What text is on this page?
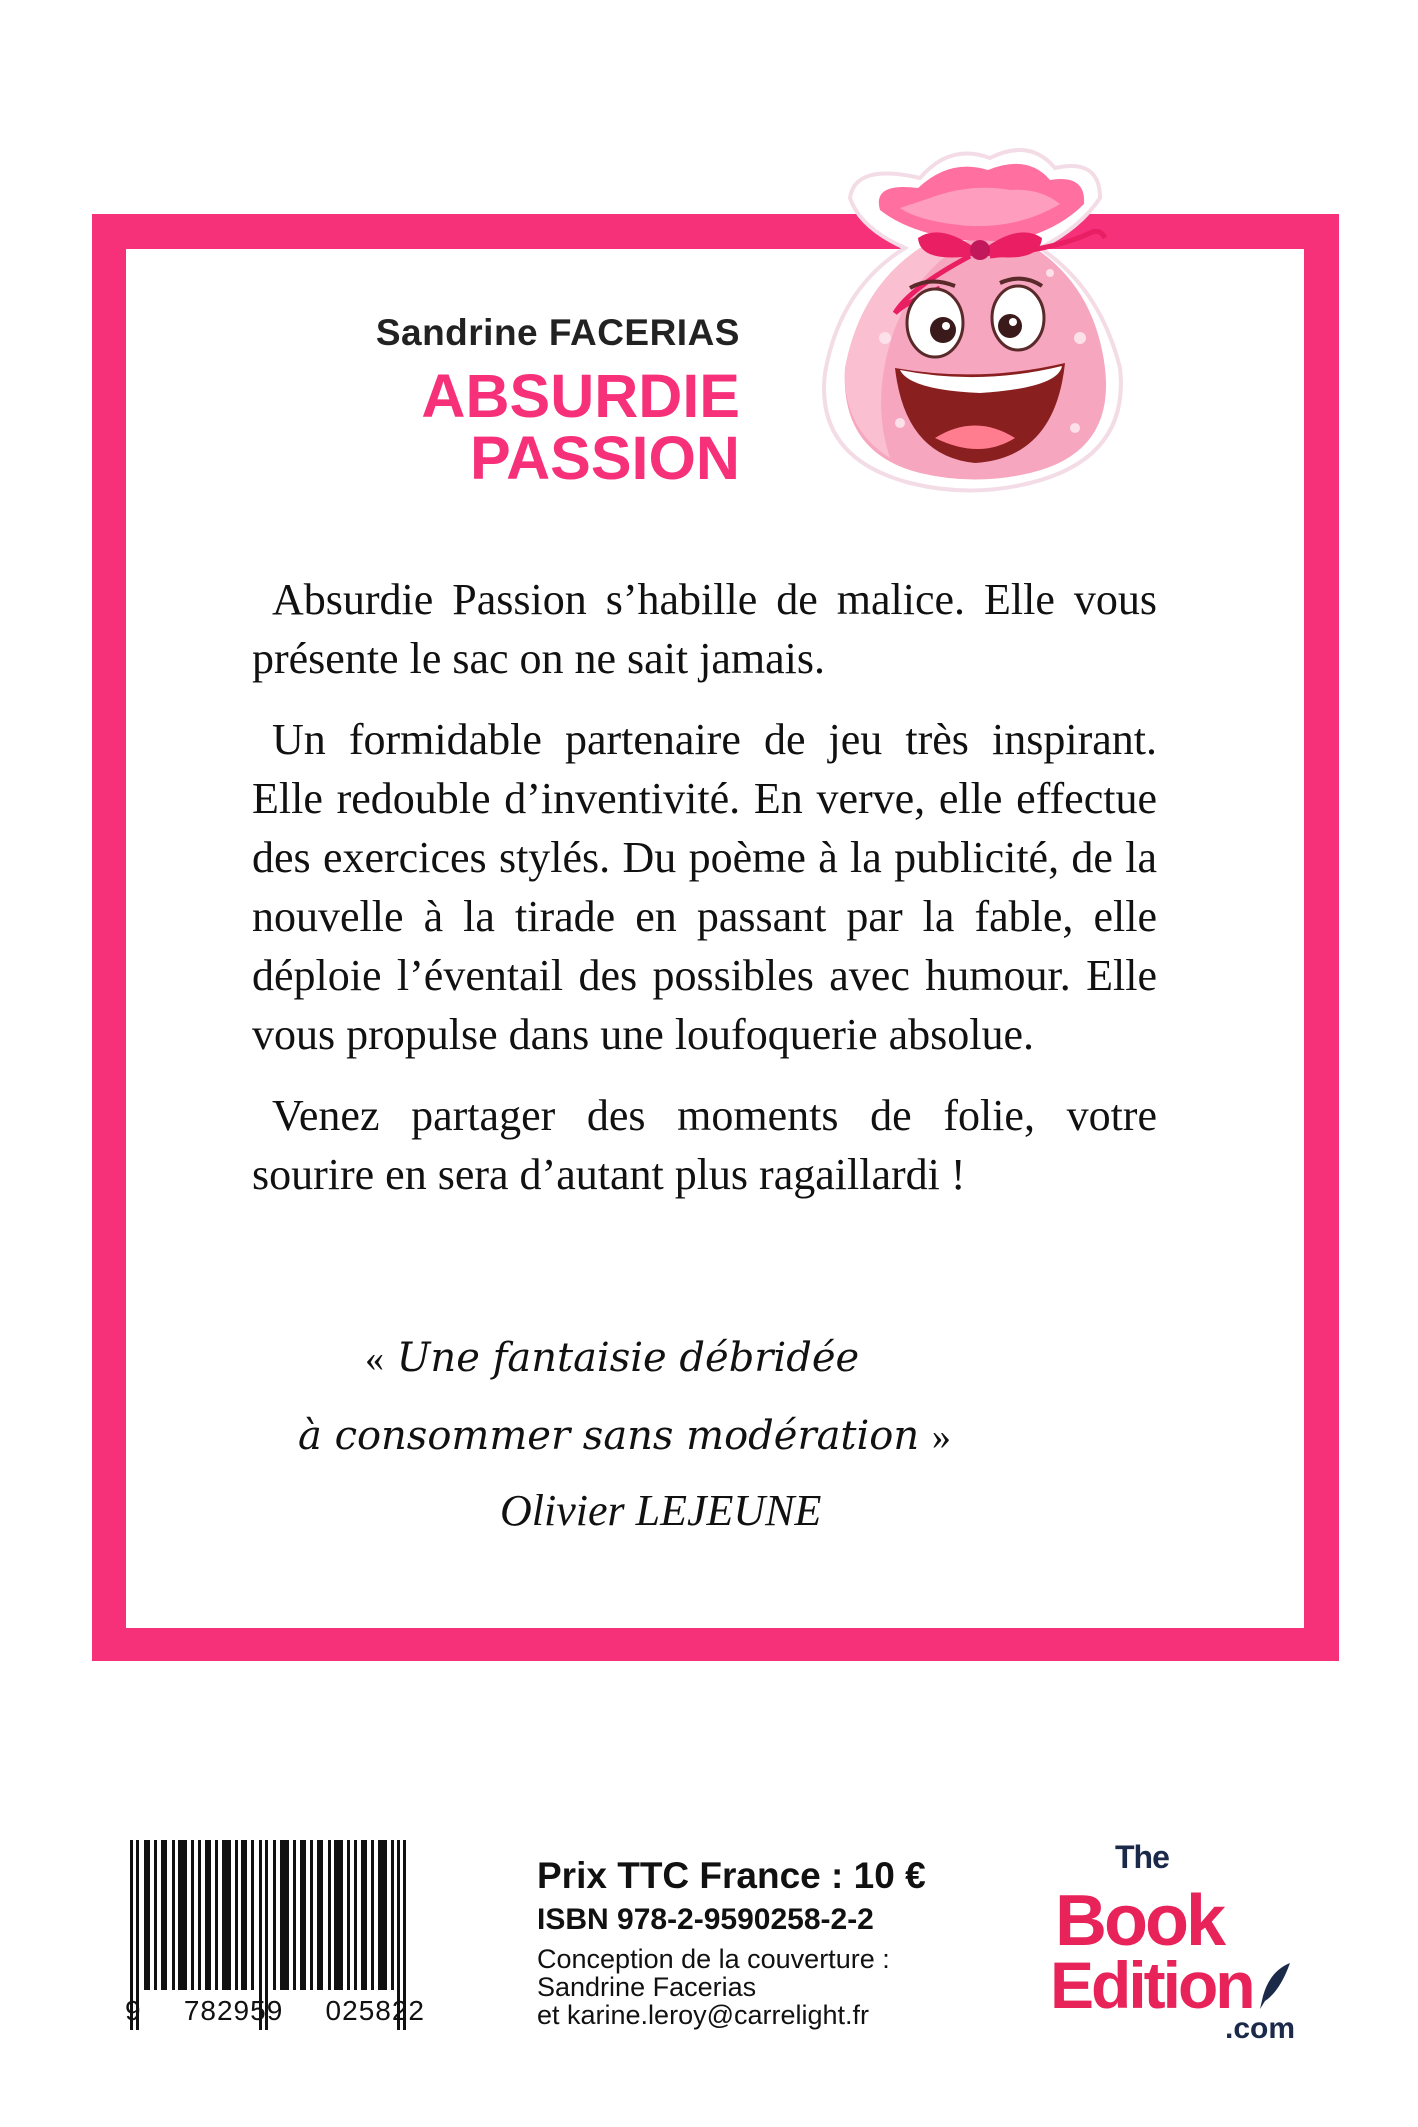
Sandrine FACERIAS
ABSURDIE
PASSION

Absurdie Passion s’habille de malice. Elle vous présente le sac on ne sait jamais.

Un formidable partenaire de jeu très inspirant. Elle redouble d’inventivité. En verve, elle effectue des exercices stylés. Du poème à la publicité, de la nouvelle à la tirade en passant par la fable, elle déploie l’éventail des possibles avec humour. Elle vous propulse dans une loufoquerie absolue.

Venez partager des moments de folie, votre sourire en sera d’autant plus ragaillardi !

« Une fantaisie débridée
à consommer sans modération »
Olivier LEJEUNE
9 782959 025822
Prix TTC France : 10 €
ISBN 978-2-9590258-2-2
Conception de la couverture :
Sandrine Facerias
et karine.leroy@carrelight.fr
The
Book
Edition
.com
